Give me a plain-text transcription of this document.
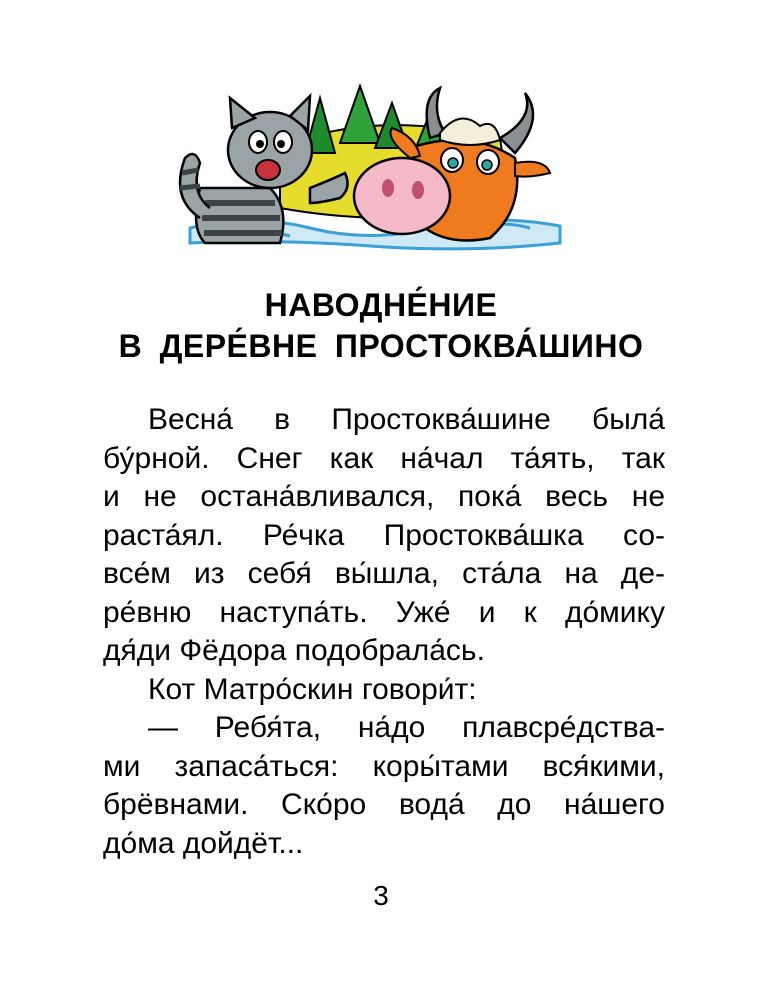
НАВОДНЕ́НИЕ
В ДЕРЕ́ВНЕ ПРОСТОКВА́ШИНО
Весна́ в Простоква́шине была́
бу́рной. Снег как на́чал та́ять, так
и не остана́вливался, пока́ весь не
раста́ял. Ре́чка Простоква́шка со-
все́м из себя́ вы́шла, ста́ла на де-
ре́вню наступа́ть. Уже́ и к до́мику
дя́ди Фёдора подобрала́сь.
Кот Матро́скин говори́т:
— Ребя́та, на́до плавсре́дства-
ми запаса́ться: коры́тами вся́кими,
брёвнами. Ско́ро вода́ до на́шего
до́ма дойдёт...
3
